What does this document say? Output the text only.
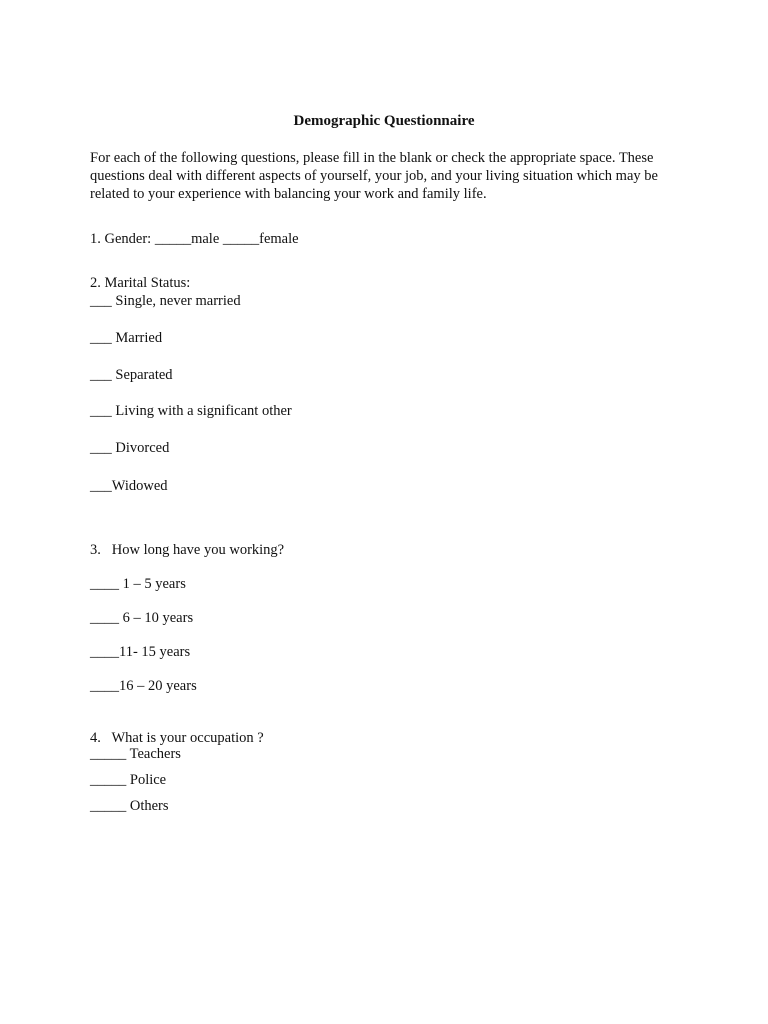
Demographic Questionnaire
For each of the following questions, please fill in the blank or check the appropriate space. These
questions deal with different aspects of yourself, your job, and your living situation which may be
related to your experience with balancing your work and family life.
1. Gender: _____male _____female
2. Marital Status:
___ Single, never married
___ Married
___ Separated
___ Living with a significant other
___ Divorced
___Widowed
3.   How long have you working?
____ 1 – 5 years
____ 6 – 10 years
____11- 15 years
____16 – 20 years
4.   What is your occupation ?
_____ Teachers
_____ Police
_____ Others
